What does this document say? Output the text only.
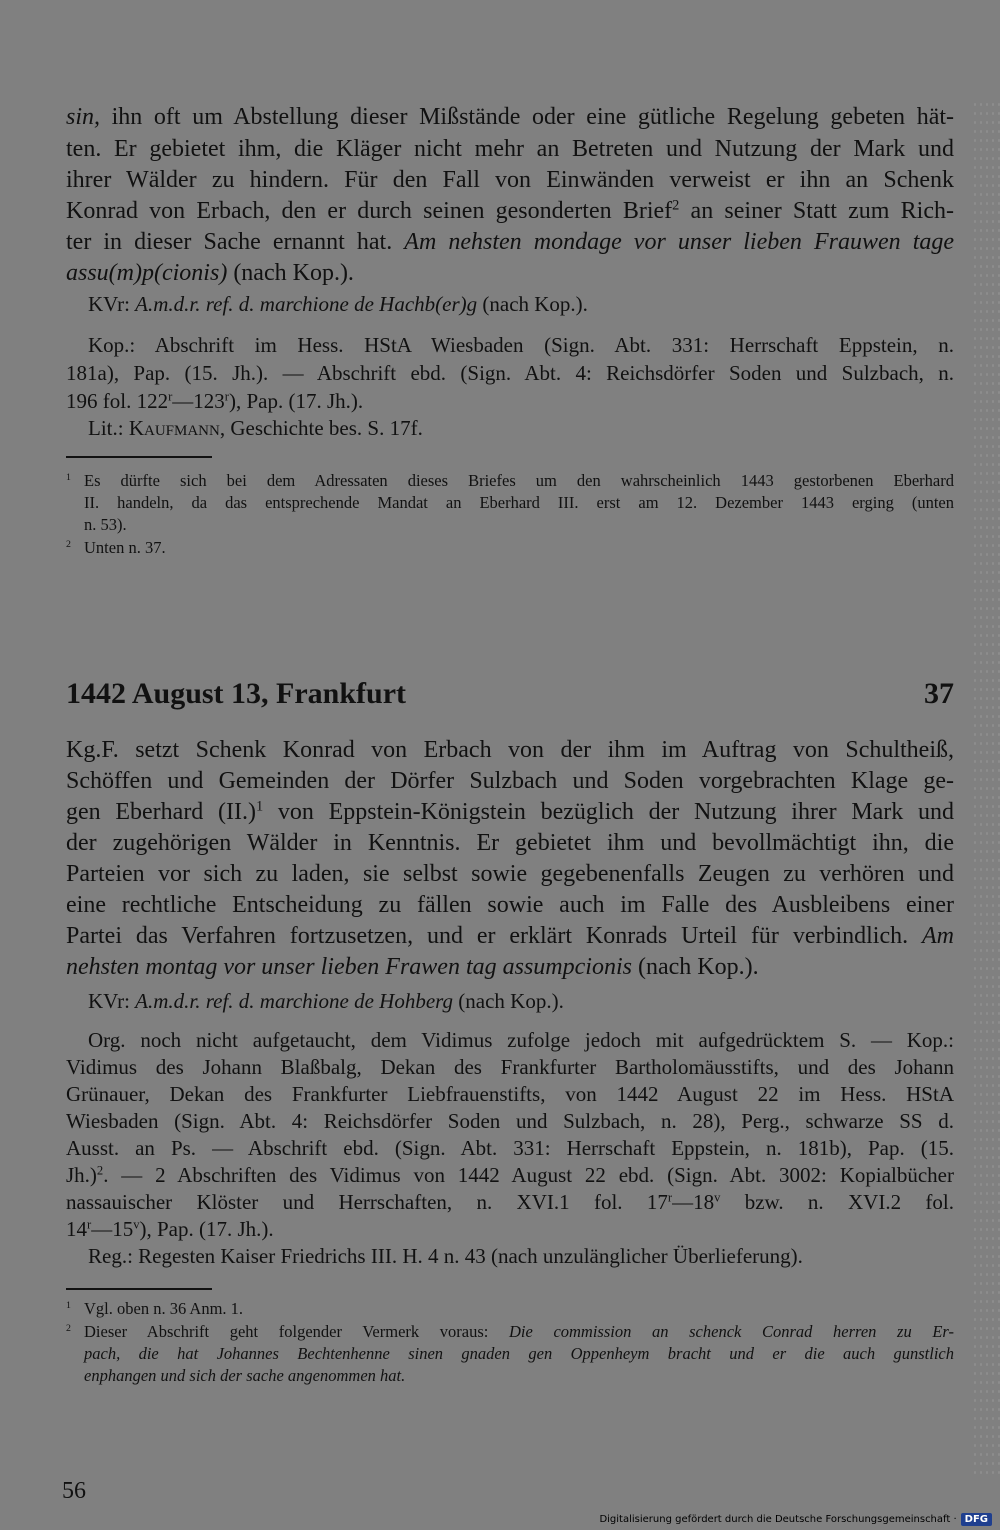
sin, ihn oft um Abstellung dieser Mißstände oder eine gütliche Regelung gebeten hät-
ten. Er gebietet ihm, die Kläger nicht mehr an Betreten und Nutzung der Mark und
ihrer Wälder zu hindern. Für den Fall von Einwänden verweist er ihn an Schenk
Konrad von Erbach, den er durch seinen gesonderten Brief$^2$ an seiner Statt zum Rich-
ter in dieser Sache ernannt hat. Am nehsten mondage vor unser lieben Frauwen tage
assu(m)p(cionis) (nach Kop.).
KVr: A.m.d.r. ref. d. marchione de Hachb(er)g (nach Kop.).
Kop.: Abschrift im Hess. HStA Wiesbaden (Sign. Abt. 331: Herrschaft Eppstein, n.
181a), Pap. (15. Jh.). — Abschrift ebd. (Sign. Abt. 4: Reichsdörfer Soden und Sulzbach, n.
196 fol. 122$^r$—123$^r$), Pap. (17. Jh.).
Lit.: Kaufmann, Geschichte bes. S. 17f.
$^1$ Es dürfte sich bei dem Adressaten dieses Briefes um den wahrscheinlich 1443 gestorbenen Eberhard
II. handeln, da das entsprechende Mandat an Eberhard III. erst am 12. Dezember 1443 erging (unten
n. 53).
$^2$ Unten n. 37.
1442 August 13, Frankfurt	37
Kg.F. setzt Schenk Konrad von Erbach von der ihm im Auftrag von Schultheiß,
Schöffen und Gemeinden der Dörfer Sulzbach und Soden vorgebrachten Klage ge-
gen Eberhard $(II.)^1$ von Eppstein-Königstein bezüglich der Nutzung ihrer Mark und
der zugehörigen Wälder in Kenntnis. Er gebietet ihm und bevollmächtigt ihn, die
Parteien vor sich zu laden, sie selbst sowie gegebenenfalls Zeugen zu verhören und
eine rechtliche Entscheidung zu fällen sowie auch im Falle des Ausbleibens einer
Partei das Verfahren fortzusetzen, und er erklärt Konrads Urteil für verbindlich. Am
nehsten montag vor unser lieben Frawen tag assumpcionis (nach Kop.).
KVr: A.m.d.r. ref. d. marchione de Hohberg (nach Kop.).
Org. noch nicht aufgetaucht, dem Vidimus zufolge jedoch mit aufgedrücktem S. — Kop.:
Vidimus des Johann Blaßbalg, Dekan des Frankfurter Bartholomäusstifts, und des Johann
Grünauer, Dekan des Frankfurter Liebfrauenstifts, von 1442 August 22 im Hess. HStA
Wiesbaden (Sign. Abt. 4: Reichsdörfer Soden und Sulzbach, n. 28), Perg., schwarze SS d.
Ausst. an Ps. — Abschrift ebd. (Sign. Abt. 331: Herrschaft Eppstein, n. 181b), Pap. (15.
Jh.)$^2$. — 2 Abschriften des Vidimus von 1442 August 22 ebd. (Sign. Abt. 3002: Kopialbücher
nassauischer Klöster und Herrschaften, n. XVI.1 fol. 17$^r$—18$^v$ bzw. n. XVI.2 fol.
14$^r$—15$^v$), Pap. (17. Jh.).
Reg.: Regesten Kaiser Friedrichs III. H. 4 n. 43 (nach unzulänglicher Überlieferung).
$^1$ Vgl. oben n. 36 Anm. 1.
$^2$ Dieser Abschrift geht folgender Vermerk voraus: Die commission an schenck Conrad herren zu Er-
pach, die hat Johannes Bechtenhenne sinen gnaden gen Oppenheym bracht und er die auch gunstlich
enphangen und sich der sache angenommen hat.
56
Digitalisierung gefördert durch die Deutsche Forschungsgemeinschaft · DFG
